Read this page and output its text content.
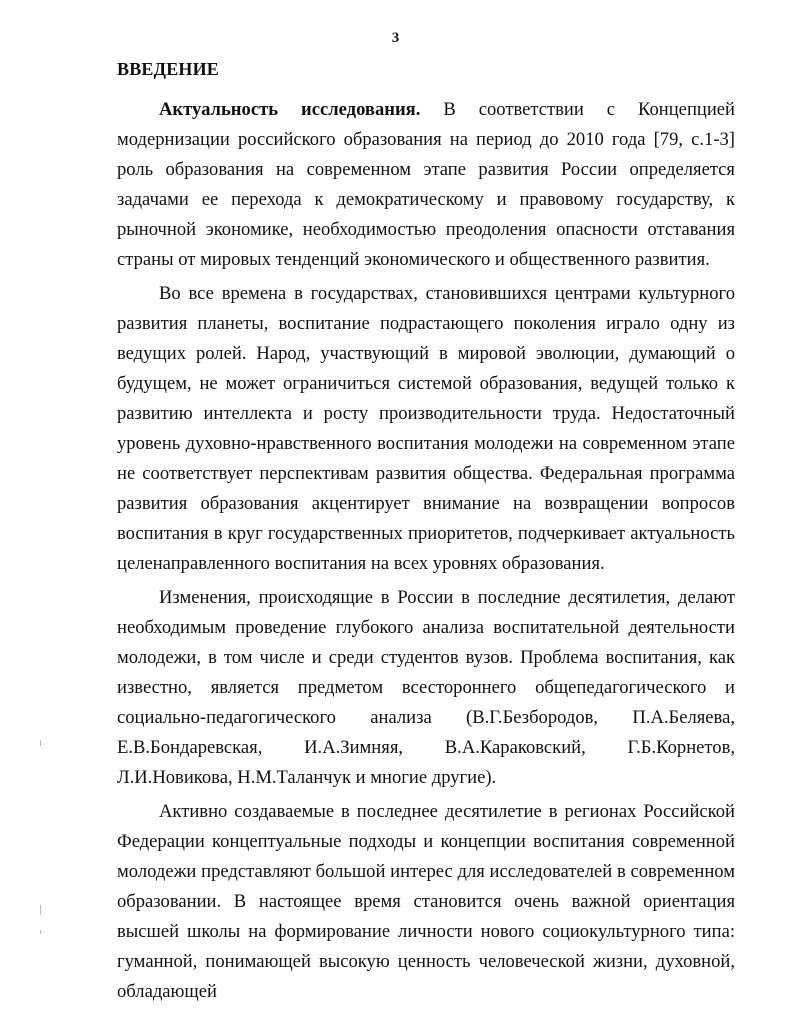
3
ВВЕДЕНИЕ

Актуальность исследования. В соответствии с Концепцией модернизации российского образования на период до 2010 года [79, с.1-3] роль образования на современном этапе развития России определяется задачами ее перехода к демократическому и правовому государству, к рыночной экономике, необходимостью преодоления опасности отставания страны от мировых тенденций экономического и общественного развития.

Во все времена в государствах, становившихся центрами культурного развития планеты, воспитание подрастающего поколения играло одну из ведущих ролей. Народ, участвующий в мировой эволюции, думающий о будущем, не может ограничиться системой образования, ведущей только к развитию интеллекта и росту производительности труда. Недостаточный уровень духовно-нравственного воспитания молодежи на современном этапе не соответствует перспективам развития общества. Федеральная программа развития образования акцентирует внимание на возвращении вопросов воспитания в круг государственных приоритетов, подчеркивает актуальность целенаправленного воспитания на всех уровнях образования.

Изменения, происходящие в России в последние десятилетия, делают необходимым проведение глубокого анализа воспитательной деятельности молодежи, в том числе и среди студентов вузов. Проблема воспитания, как известно, является предметом всестороннего общепедагогического и социально-педагогического анализа (В.Г.Безбородов, П.А.Беляева, Е.В.Бондаревская, И.А.Зимняя, В.А.Караковский, Г.Б.Корнетов, Л.И.Новикова, Н.М.Таланчук и многие другие).

Активно создаваемые в последнее десятилетие в регионах Российской Федерации концептуальные подходы и концепции воспитания современной молодежи представляют большой интерес для исследователей в современном образовании. В настоящее время становится очень важной ориентация высшей школы на формирование личности нового социокультурного типа: гуманной, понимающей высокую ценность человеческой жизни, духовной, обладающей
